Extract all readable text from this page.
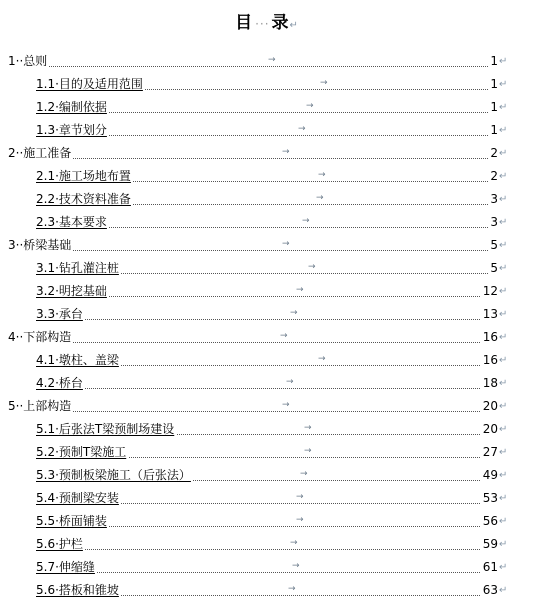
目 ··· 录↵
1··总则	→	1 ↵
1.1·目的及适用范围	→	1 ↵
1.2·编制依据	→	1 ↵
1.3·章节划分	→	1 ↵
2··施工准备	→	2 ↵
2.1·施工场地布置	→	2 ↵
2.2·技术资料准备	→	3 ↵
2.3·基本要求	→	3 ↵
3··桥梁基础	→	5 ↵
3.1·钻孔灌注桩	→	5 ↵
3.2·明挖基础	→	12 ↵
3.3·承台	→	13 ↵
4··下部构造	→	16 ↵
4.1·墩柱、盖梁	→	16 ↵
4.2·桥台	→	18 ↵
5··上部构造	→	20 ↵
5.1·后张法T梁预制场建设	→	20 ↵
5.2·预制T梁施工	→	27 ↵
5.3·预制板梁施工（后张法）	→	49 ↵
5.4·预制梁安装	→	53 ↵
5.5·桥面铺装	→	56 ↵
5.6·护栏	→	59 ↵
5.7·伸缩缝	→	61 ↵
5.6·搭板和锥坡	→	63 ↵
